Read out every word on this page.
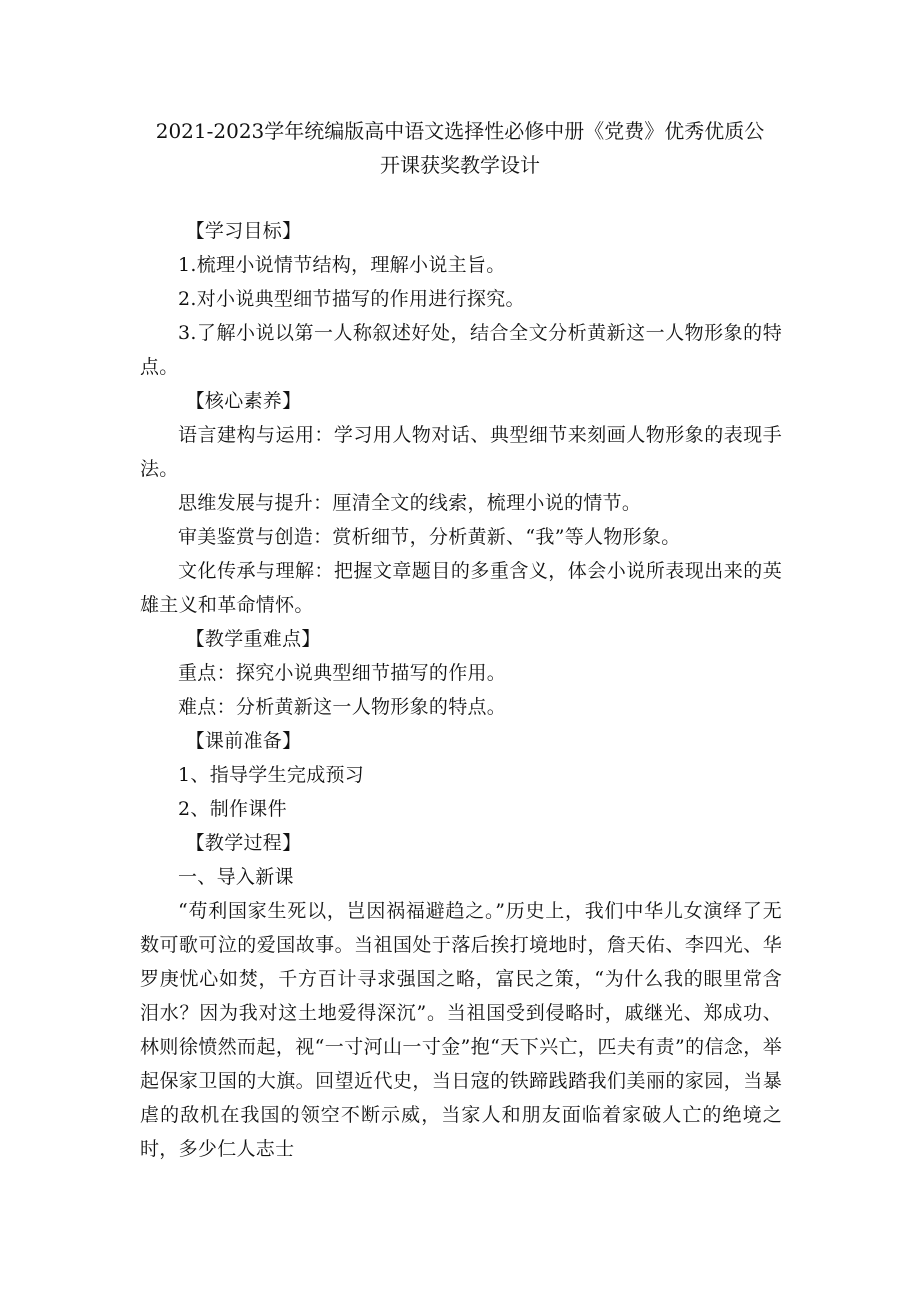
2021-2023学年统编版高中语文选择性必修中册《党费》优秀优质公
开课获奖教学设计

【学习目标】

1.梳理小说情节结构，理解小说主旨。

2.对小说典型细节描写的作用进行探究。

3.了解小说以第一人称叙述好处，结合全文分析黄新这一人物形象的特点。

【核心素养】

语言建构与运用：学习用人物对话、典型细节来刻画人物形象的表现手法。

思维发展与提升：厘清全文的线索，梳理小说的情节。

审美鉴赏与创造：赏析细节，分析黄新、“我”等人物形象。

文化传承与理解：把握文章题目的多重含义，体会小说所表现出来的英雄主义和革命情怀。

【教学重难点】

重点：探究小说典型细节描写的作用。

难点：分析黄新这一人物形象的特点。

【课前准备】

1、指导学生完成预习

2、制作课件

【教学过程】

一、导入新课

“苟利国家生死以，岂因祸福避趋之。”历史上，我们中华儿女演绎了无数可歌可泣的爱国故事。当祖国处于落后挨打境地时，詹天佑、李四光、华罗庚忧心如焚，千方百计寻求强国之略，富民之策，“为什么我的眼里常含泪水？因为我对这土地爱得深沉”。当祖国受到侵略时，戚继光、郑成功、林则徐愤然而起，视“一寸河山一寸金”抱“天下兴亡，匹夫有责”的信念，举起保家卫国的大旗。回望近代史，当日寇的铁蹄践踏我们美丽的家园，当暴虐的敌机在我国的领空不断示威，当家人和朋友面临着家破人亡的绝境之时，多少仁人志士
